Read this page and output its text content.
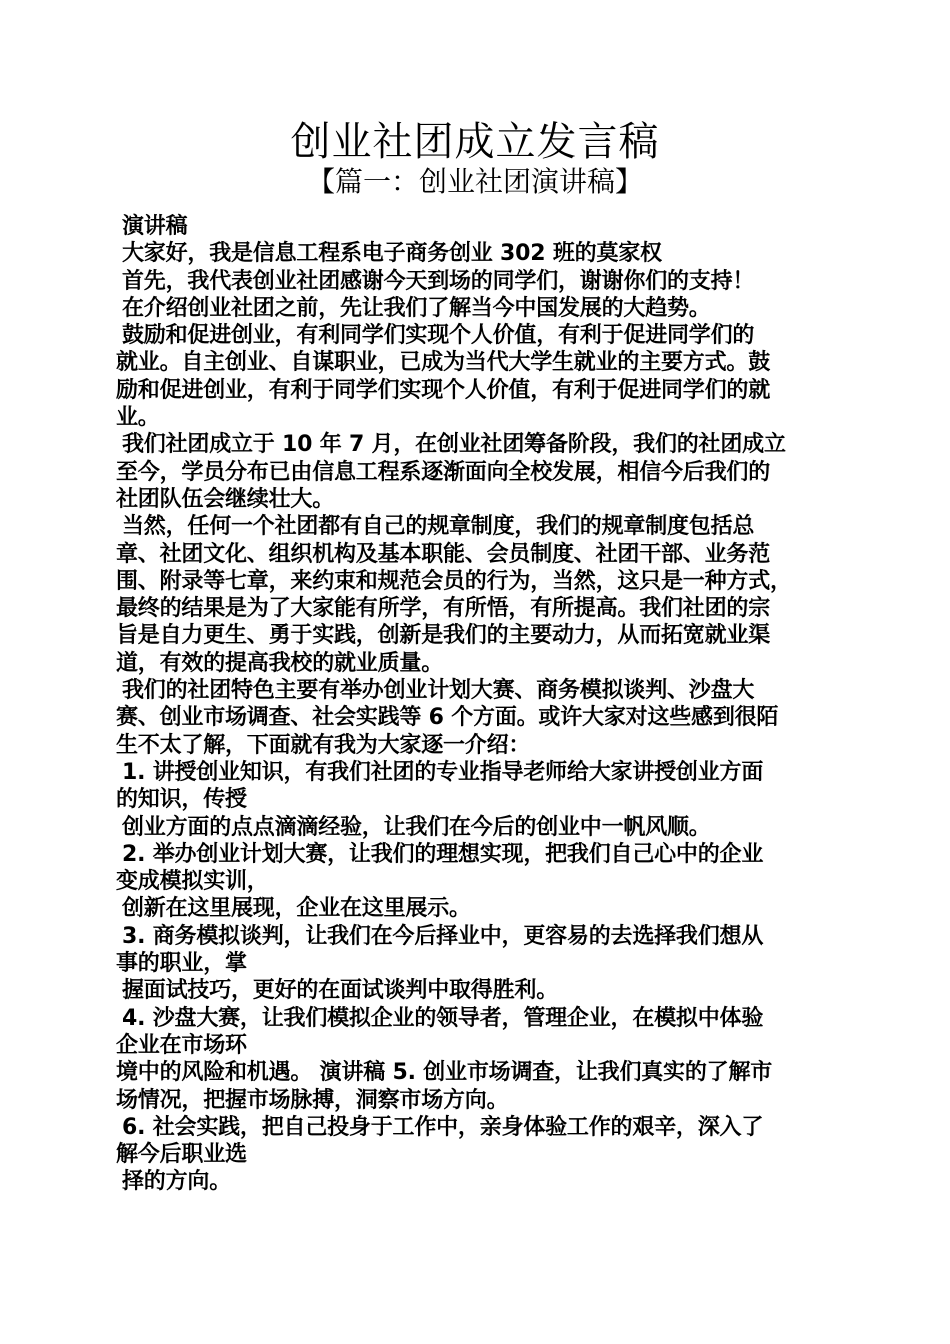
创业社团成立发言稿
【篇一：创业社团演讲稿】
演讲稿
大家好，我是信息工程系电子商务创业 302 班的莫家权
首先，我代表创业社团感谢今天到场的同学们，谢谢你们的支持！
在介绍创业社团之前，先让我们了解当今中国发展的大趋势。
鼓励和促进创业，有利同学们实现个人价值，有利于促进同学们的
就业。自主创业、自谋职业，已成为当代大学生就业的主要方式。鼓
励和促进创业，有利于同学们实现个人价值，有利于促进同学们的就
业。
我们社团成立于 10 年 7 月，在创业社团筹备阶段，我们的社团成立
至今，学员分布已由信息工程系逐渐面向全校发展，相信今后我们的
社团队伍会继续壮大。
当然，任何一个社团都有自己的规章制度，我们的规章制度包括总
章、社团文化、组织机构及基本职能、会员制度、社团干部、业务范
围、附录等七章，来约束和规范会员的行为，当然，这只是一种方式，
最终的结果是为了大家能有所学，有所悟，有所提高。我们社团的宗
旨是自力更生、勇于实践，创新是我们的主要动力，从而拓宽就业渠
道，有效的提高我校的就业质量。
我们的社团特色主要有举办创业计划大赛、商务模拟谈判、沙盘大
赛、创业市场调查、社会实践等 6 个方面。或许大家对这些感到很陌
生不太了解，下面就有我为大家逐一介绍：
1. 讲授创业知识，有我们社团的专业指导老师给大家讲授创业方面
的知识，传授
创业方面的点点滴滴经验，让我们在今后的创业中一帆风顺。
2. 举办创业计划大赛，让我们的理想实现，把我们自己心中的企业
变成模拟实训，
创新在这里展现，企业在这里展示。
3. 商务模拟谈判，让我们在今后择业中，更容易的去选择我们想从
事的职业，掌
握面试技巧，更好的在面试谈判中取得胜利。
4. 沙盘大赛，让我们模拟企业的领导者，管理企业，在模拟中体验
企业在市场环
境中的风险和机遇。 演讲稿 5. 创业市场调查，让我们真实的了解市
场情况，把握市场脉搏，洞察市场方向。
6. 社会实践，把自己投身于工作中，亲身体验工作的艰辛，深入了
解今后职业选
择的方向。
